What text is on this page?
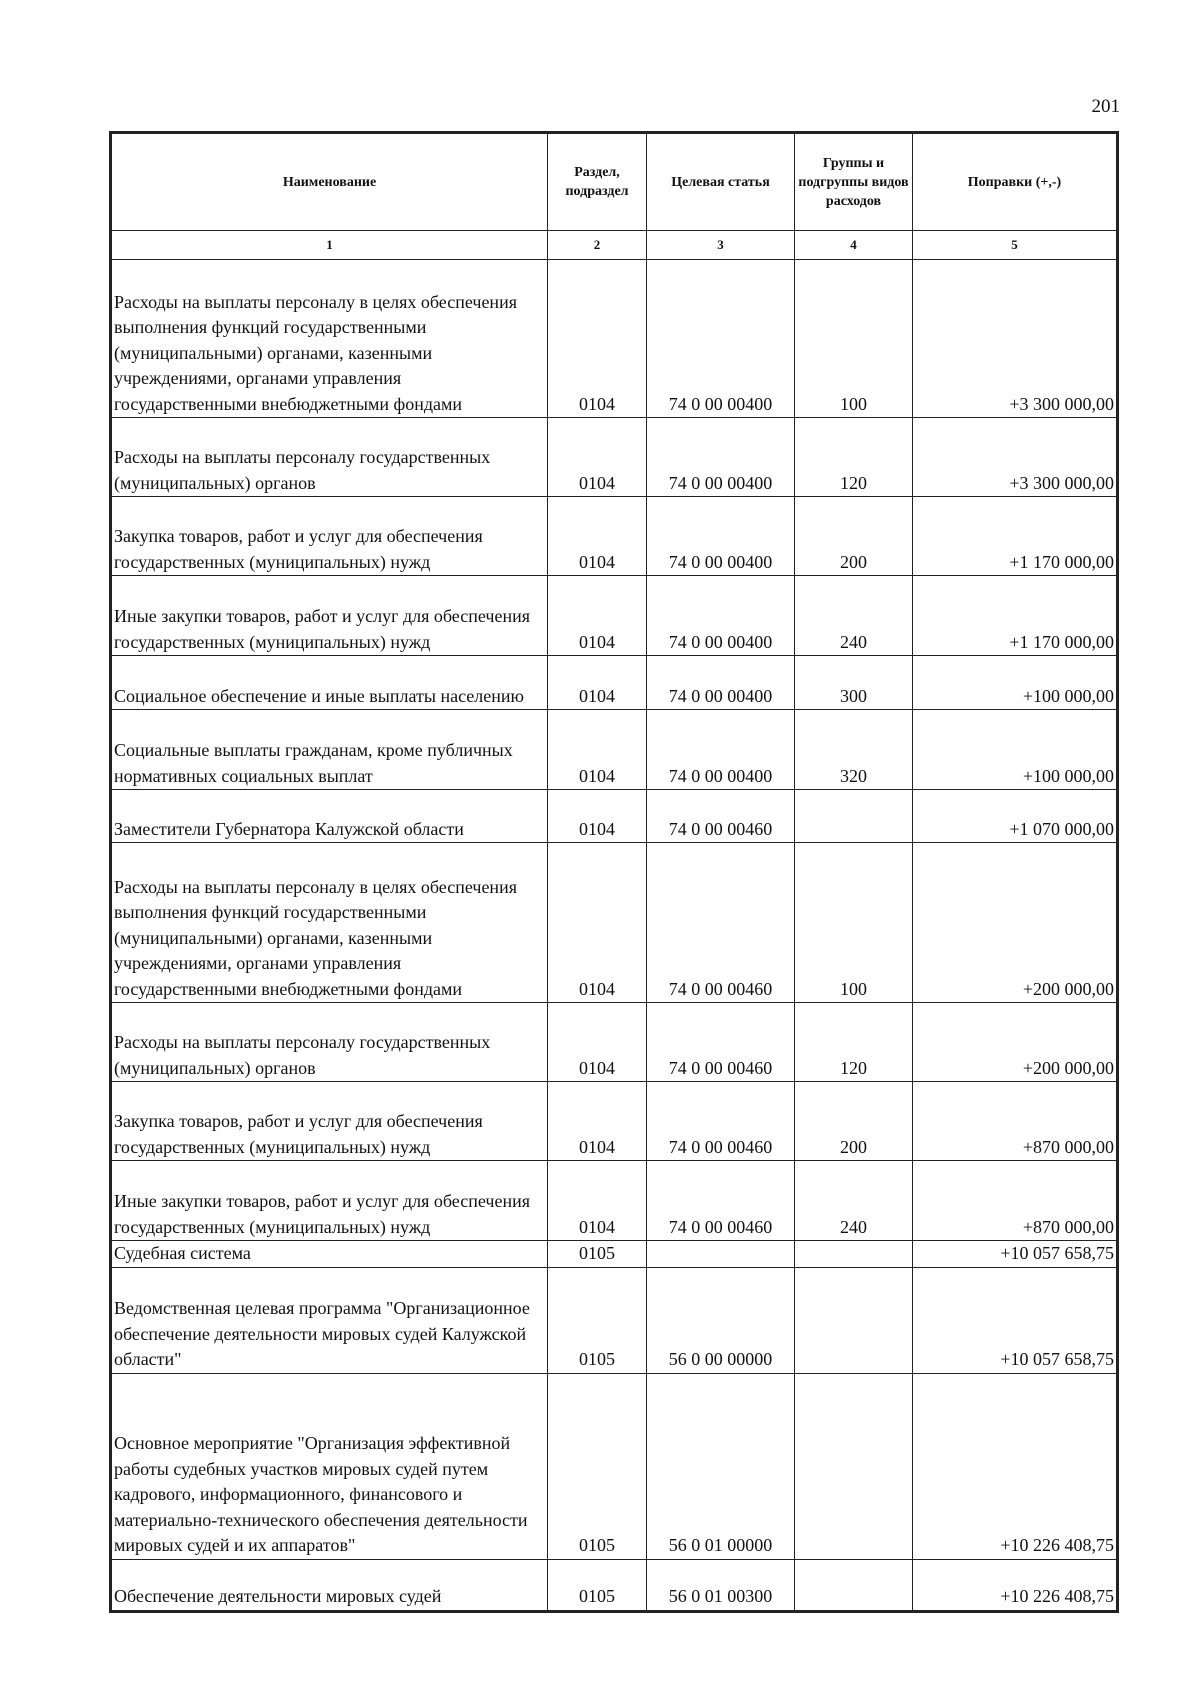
201
Наименование	Раздел, подраздел	Целевая статья	Группы и подгруппы видов расходов	Поправки (+,-)
1	2	3	4	5
Расходы на выплаты персоналу в целях обеспечения выполнения функций государственными (муниципальными) органами, казенными учреждениями, органами управления государственными внебюджетными фондами	0104	74 0 00 00400	100	+3 300 000,00
Расходы на выплаты персоналу государственных (муниципальных) органов	0104	74 0 00 00400	120	+3 300 000,00
Закупка товаров, работ и услуг для обеспечения государственных (муниципальных) нужд	0104	74 0 00 00400	200	+1 170 000,00
Иные закупки товаров, работ и услуг для обеспечения государственных (муниципальных) нужд	0104	74 0 00 00400	240	+1 170 000,00
Социальное обеспечение и иные выплаты населению	0104	74 0 00 00400	300	+100 000,00
Социальные выплаты гражданам, кроме публичных нормативных социальных выплат	0104	74 0 00 00400	320	+100 000,00
Заместители Губернатора Калужской области	0104	74 0 00 00460		+1 070 000,00
Расходы на выплаты персоналу в целях обеспечения выполнения функций государственными (муниципальными) органами, казенными учреждениями, органами управления государственными внебюджетными фондами	0104	74 0 00 00460	100	+200 000,00
Расходы на выплаты персоналу государственных (муниципальных) органов	0104	74 0 00 00460	120	+200 000,00
Закупка товаров, работ и услуг для обеспечения государственных (муниципальных) нужд	0104	74 0 00 00460	200	+870 000,00
Иные закупки товаров, работ и услуг для обеспечения государственных (муниципальных) нужд	0104	74 0 00 00460	240	+870 000,00
Судебная система	0105			+10 057 658,75
Ведомственная целевая программа "Организационное обеспечение деятельности мировых судей Калужской области"	0105	56 0 00 00000		+10 057 658,75
Основное мероприятие "Организация эффективной работы судебных участков мировых судей путем кадрового, информационного, финансового и материально-технического обеспечения деятельности мировых судей и их аппаратов"	0105	56 0 01 00000		+10 226 408,75
Обеспечение деятельности мировых судей	0105	56 0 01 00300		+10 226 408,75
